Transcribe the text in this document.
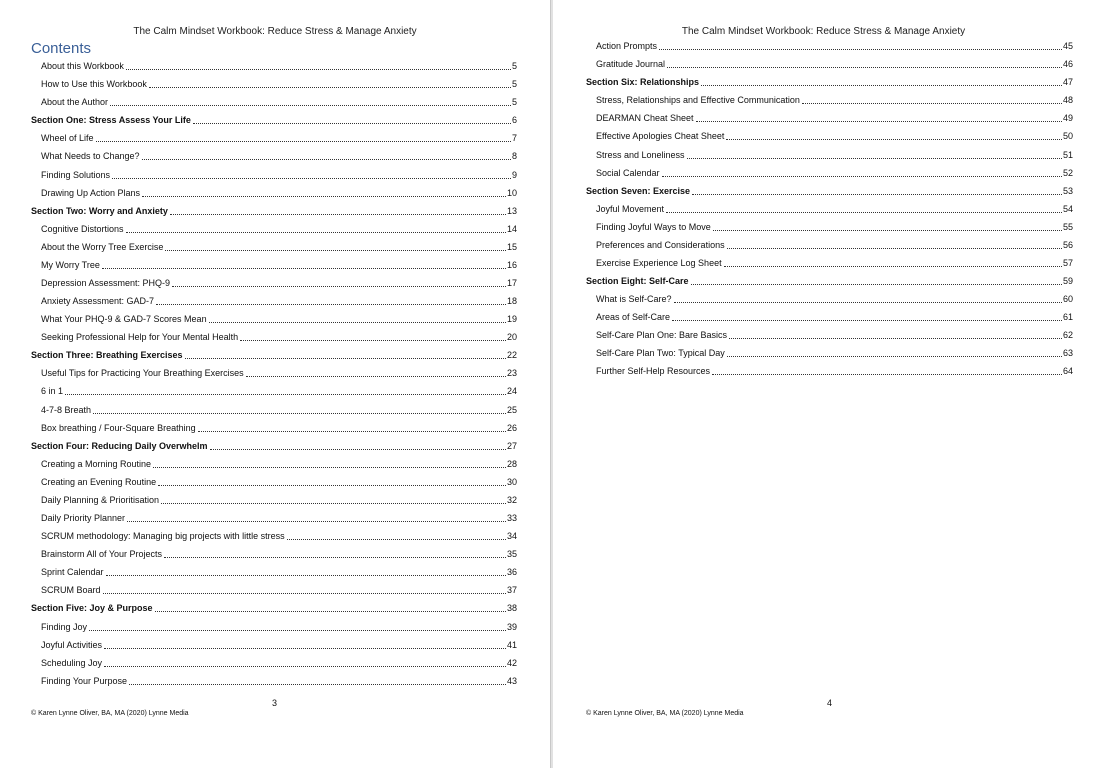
The Calm Mindset Workbook: Reduce Stress & Manage Anxiety
Contents
About this Workbook	5
How to Use this Workbook	5
About the Author	5
Section One: Stress Assess Your Life	6
Wheel of Life	7
What Needs to Change?	8
Finding Solutions	9
Drawing Up Action Plans	10
Section Two: Worry and Anxiety	13
Cognitive Distortions	14
About the Worry Tree Exercise	15
My Worry Tree	16
Depression Assessment: PHQ-9	17
Anxiety Assessment: GAD-7	18
What Your PHQ-9 & GAD-7 Scores Mean	19
Seeking Professional Help for Your Mental Health	20
Section Three: Breathing Exercises	22
Useful Tips for Practicing Your Breathing Exercises	23
6 in 1	24
4-7-8 Breath	25
Box breathing / Four-Square Breathing	26
Section Four: Reducing Daily Overwhelm	27
Creating a Morning Routine	28
Creating an Evening Routine	30
Daily Planning & Prioritisation	32
Daily Priority Planner	33
SCRUM methodology: Managing big projects with little stress	34
Brainstorm All of Your Projects	35
Sprint Calendar	36
SCRUM Board	37
Section Five: Joy & Purpose	38
Finding Joy	39
Joyful Activities	41
Scheduling Joy	42
Finding Your Purpose	43
3
© Karen Lynne Oliver, BA, MA (2020) Lynne Media
The Calm Mindset Workbook: Reduce Stress & Manage Anxiety
Action Prompts	45
Gratitude Journal	46
Section Six: Relationships	47
Stress, Relationships and Effective Communication	48
DEARMAN Cheat Sheet	49
Effective Apologies Cheat Sheet	50
Stress and Loneliness	51
Social Calendar	52
Section Seven: Exercise	53
Joyful Movement	54
Finding Joyful Ways to Move	55
Preferences and Considerations	56
Exercise Experience Log Sheet	57
Section Eight: Self-Care	59
What is Self-Care?	60
Areas of Self-Care	61
Self-Care Plan One: Bare Basics	62
Self-Care Plan Two: Typical Day	63
Further Self-Help Resources	64
4
© Karen Lynne Oliver, BA, MA (2020) Lynne Media
